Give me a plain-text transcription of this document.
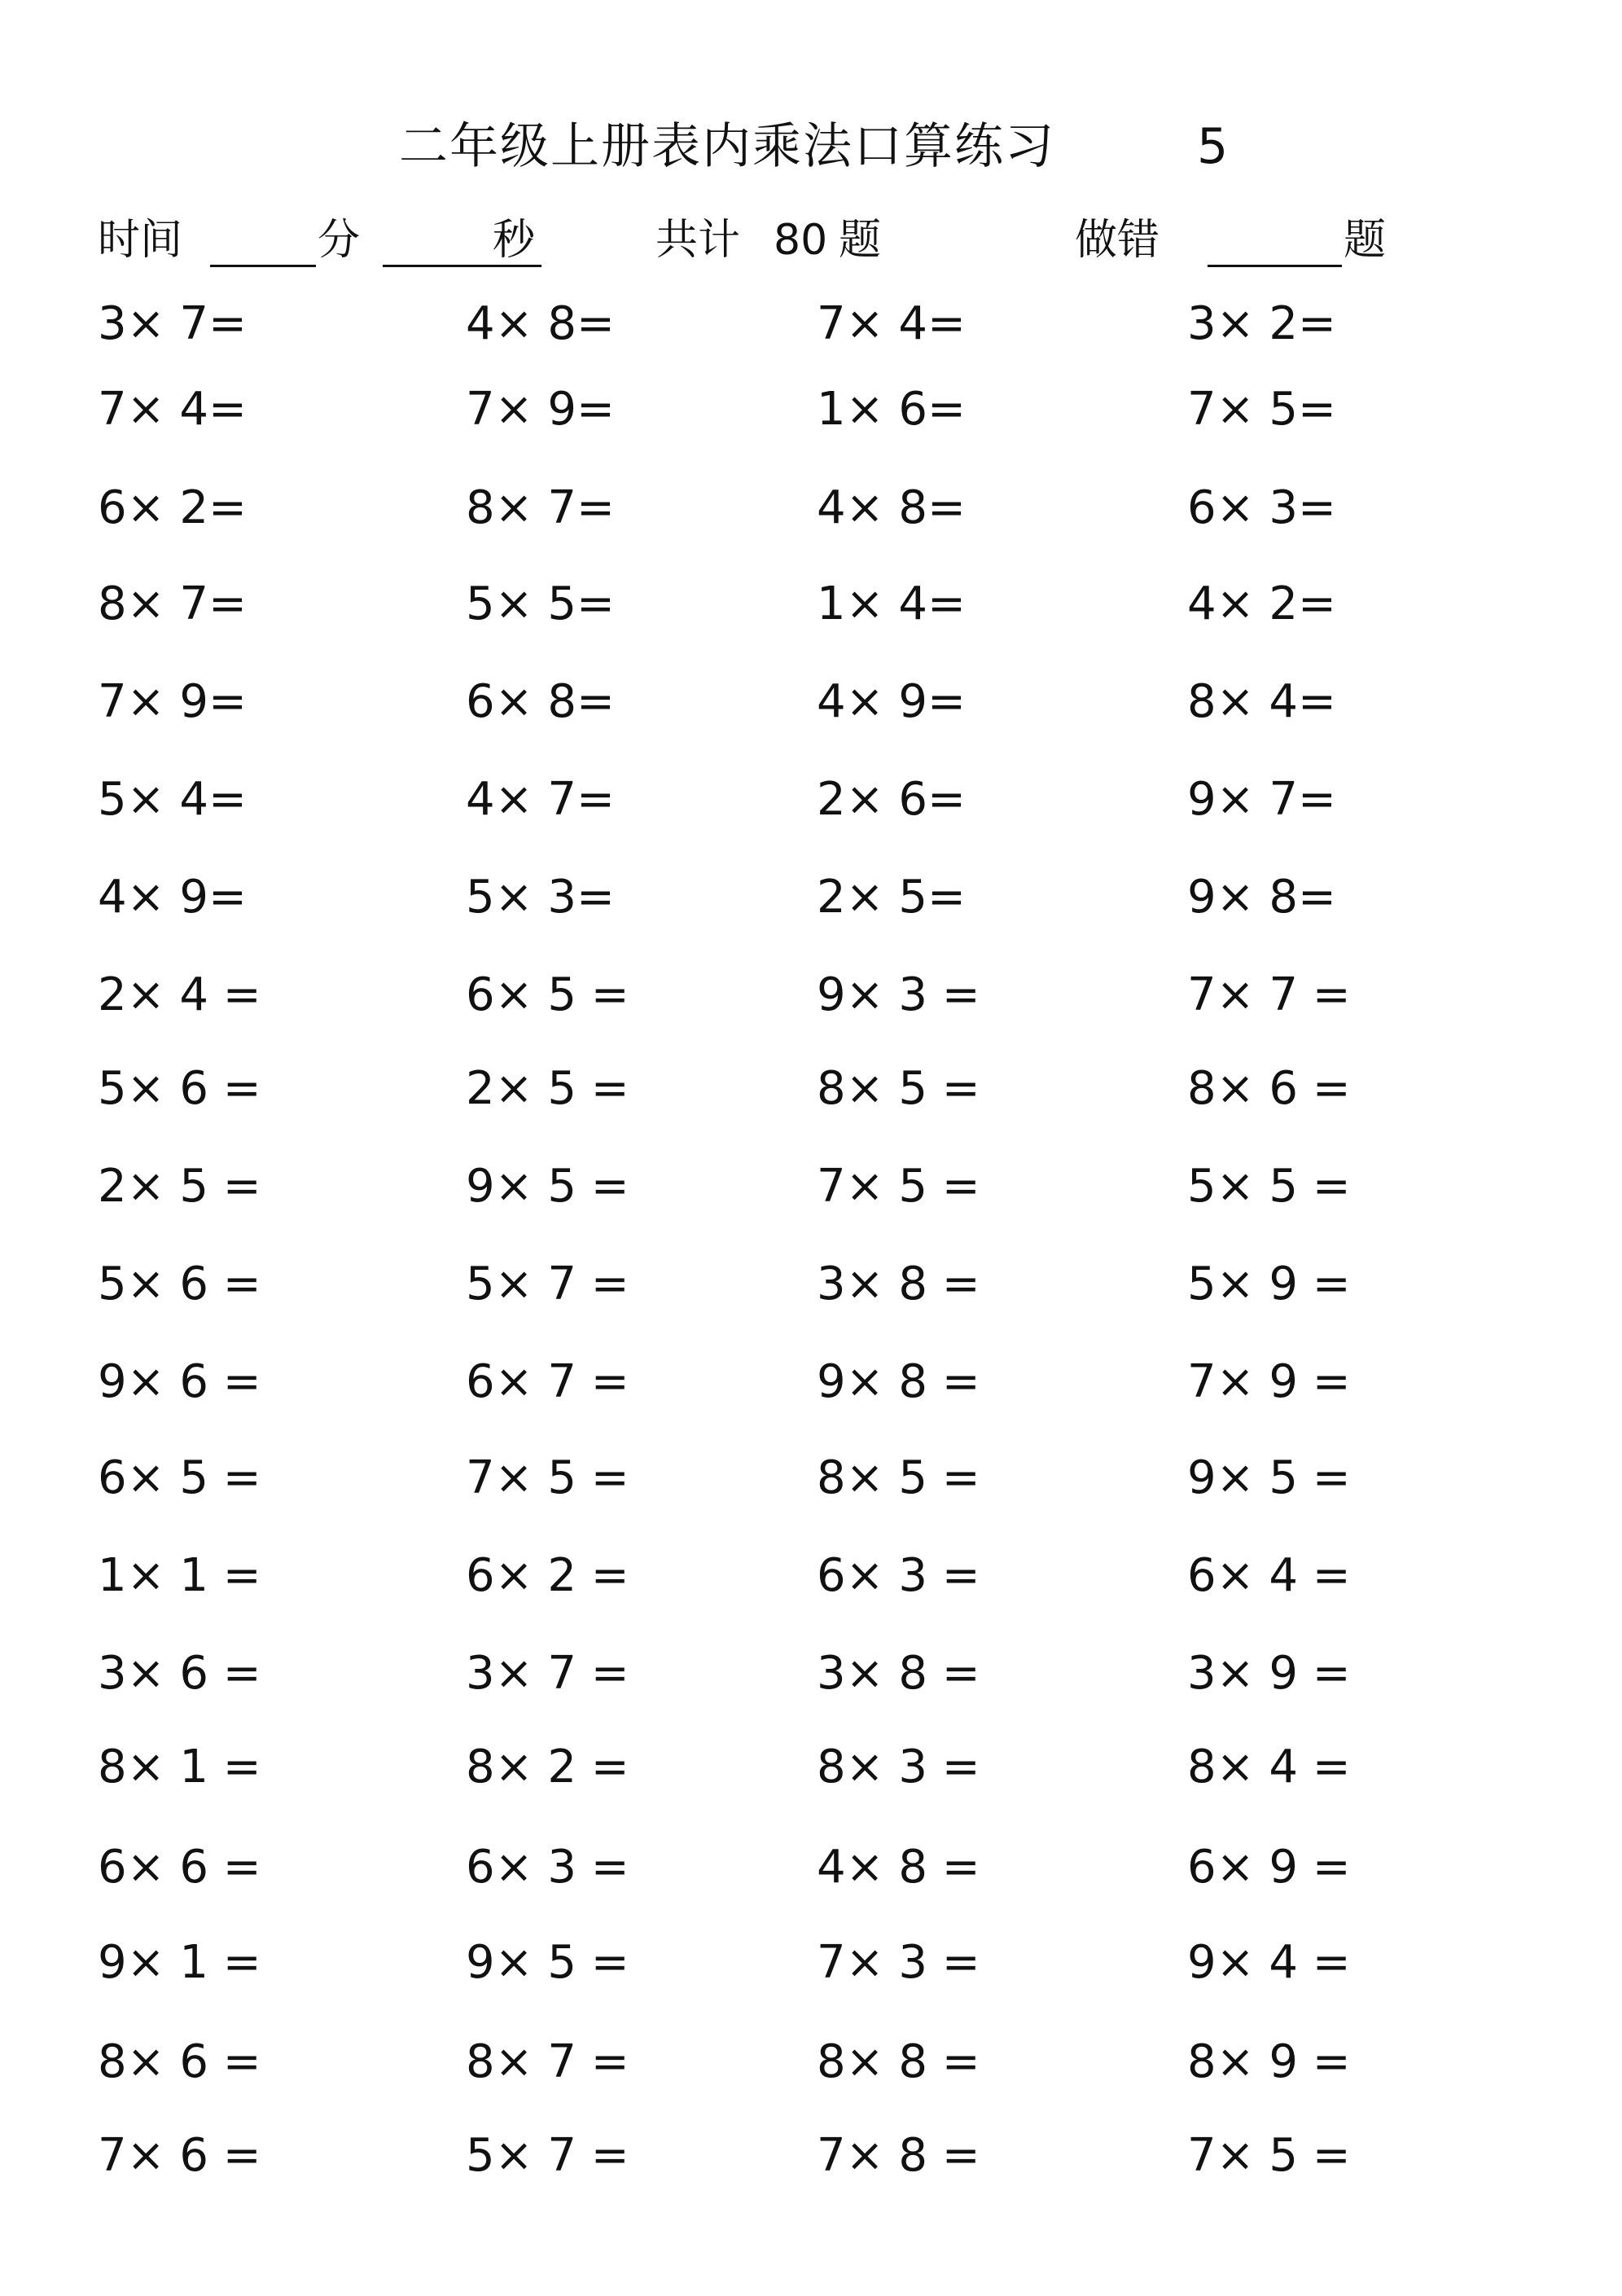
二年级上册表内乘法口算练习	5
时间	分	秒	共计 80 题	做错	题
3× 7=	4× 8=	7× 4=	3× 2=
7× 4=	7× 9=	1× 6=	7× 5=
6× 2=	8× 7=	4× 8=	6× 3=
8× 7=	5× 5=	1× 4=	4× 2=
7× 9=	6× 8=	4× 9=	8× 4=
5× 4=	4× 7=	2× 6=	9× 7=
4× 9=	5× 3=	2× 5=	9× 8=
2× 4 =	6× 5 =	9× 3 =	7× 7 =
5× 6 =	2× 5 =	8× 5 =	8× 6 =
2× 5 =	9× 5 =	7× 5 =	5× 5 =
5× 6 =	5× 7 =	3× 8 =	5× 9 =
9× 6 =	6× 7 =	9× 8 =	7× 9 =
6× 5 =	7× 5 =	8× 5 =	9× 5 =
1× 1 =	6× 2 =	6× 3 =	6× 4 =
3× 6 =	3× 7 =	3× 8 =	3× 9 =
8× 1 =	8× 2 =	8× 3 =	8× 4 =
6× 6 =	6× 3 =	4× 8 =	6× 9 =
9× 1 =	9× 5 =	7× 3 =	9× 4 =
8× 6 =	8× 7 =	8× 8 =	8× 9 =
7× 6 =	5× 7 =	7× 8 =	7× 5 =
